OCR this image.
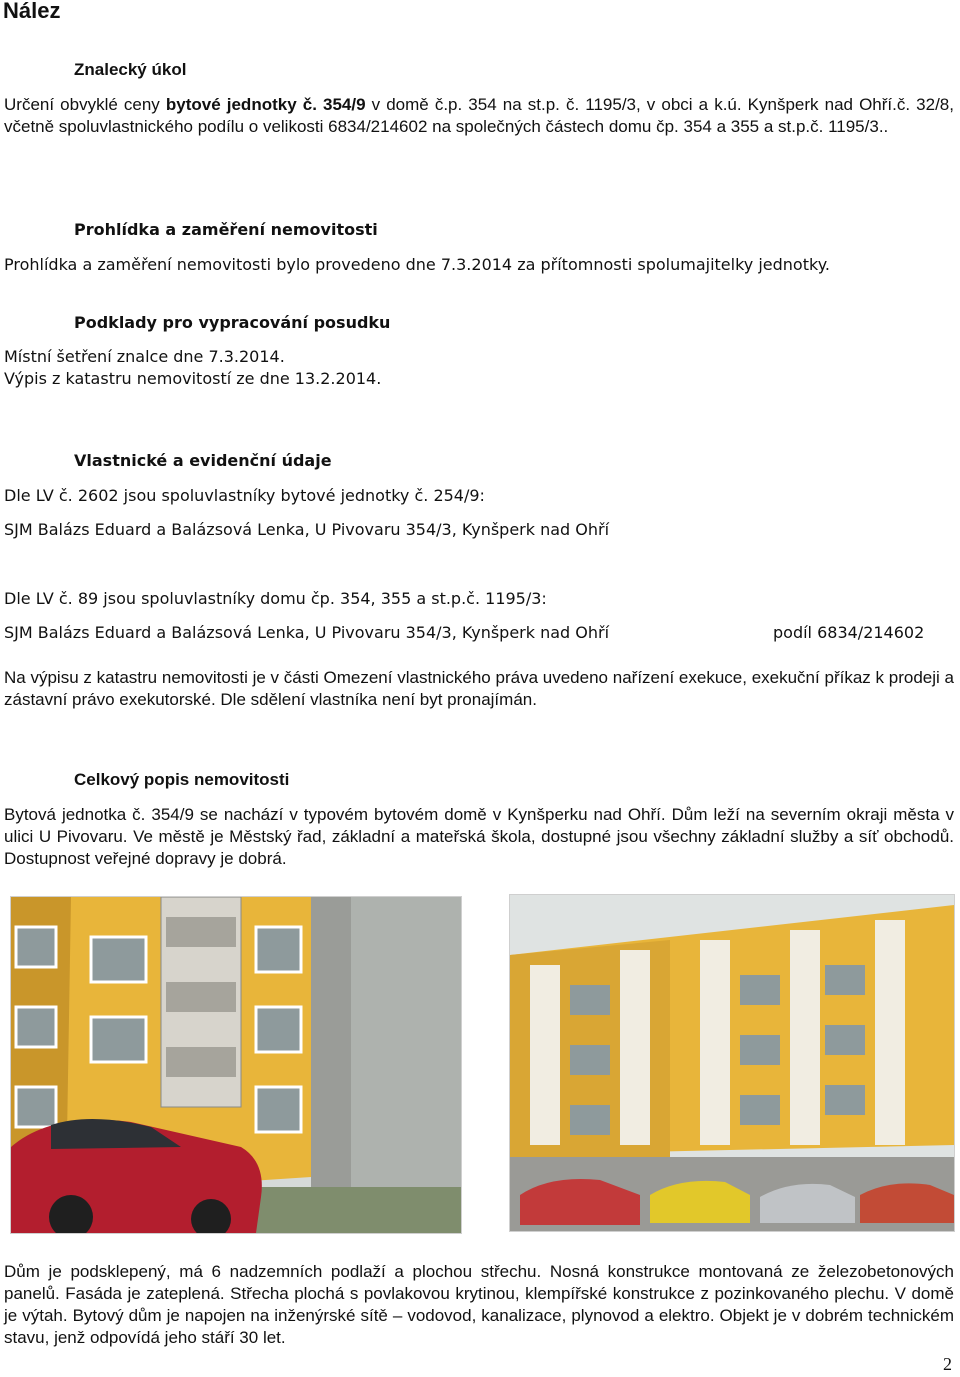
Nález
Znalecký úkol
Určení obvyklé ceny bytové jednotky č. 354/9 v domě č.p. 354 na st.p. č. 1195/3, v obci a k.ú. Kynšperk nad Ohří.č. 32/8, včetně spoluvlastnického podílu o velikosti 6834/214602 na společných částech domu čp. 354 a 355 a st.p.č. 1195/3..
Prohlídka a zaměření nemovitosti
Prohlídka a zaměření nemovitosti bylo provedeno dne 7.3.2014 za přítomnosti spolumajitelky jednotky.
Podklady pro vypracování posudku
Místní šetření znalce dne 7.3.2014.
Výpis z katastru nemovitostí ze dne 13.2.2014.
Vlastnické a evidenční údaje
Dle LV č. 2602 jsou spoluvlastníky bytové jednotky č. 254/9:
SJM Balázs Eduard a Balázsová Lenka, U Pivovaru 354/3, Kynšperk nad Ohří
Dle LV č. 89 jsou spoluvlastníky domu čp. 354, 355 a st.p.č. 1195/3:
SJM Balázs Eduard a Balázsová Lenka, U Pivovaru 354/3, Kynšperk nad Ohří	podíl 6834/214602
Na výpisu z katastru nemovitosti je v části Omezení vlastnického práva uvedeno nařízení exekuce, exekuční příkaz k prodeji a zástavní právo exekutorské. Dle sdělení vlastníka není byt pronajímán.
Celkový popis nemovitosti
Bytová jednotka č. 354/9 se nachází v typovém bytovém domě v Kynšperku nad Ohří. Dům leží na severním okraji města v ulici U Pivovaru. Ve městě je Městský řad, základní a mateřská škola, dostupné jsou všechny základní služby a síť obchodů. Dostupnost veřejné dopravy je dobrá.
Dům je podsklepený, má 6 nadzemních podlaží a plochou střechu. Nosná konstrukce montovaná ze železobetonových panelů. Fasáda je zateplená. Střecha plochá s povlakovou krytinou, klempířské konstrukce z pozinkovaného plechu. V domě je výtah. Bytový dům je napojen na inženýrské sítě – vodovod, kanalizace, plynovod a elektro. Objekt je v dobrém technickém stavu, jenž odpovídá jeho stáří 30 let.
2
